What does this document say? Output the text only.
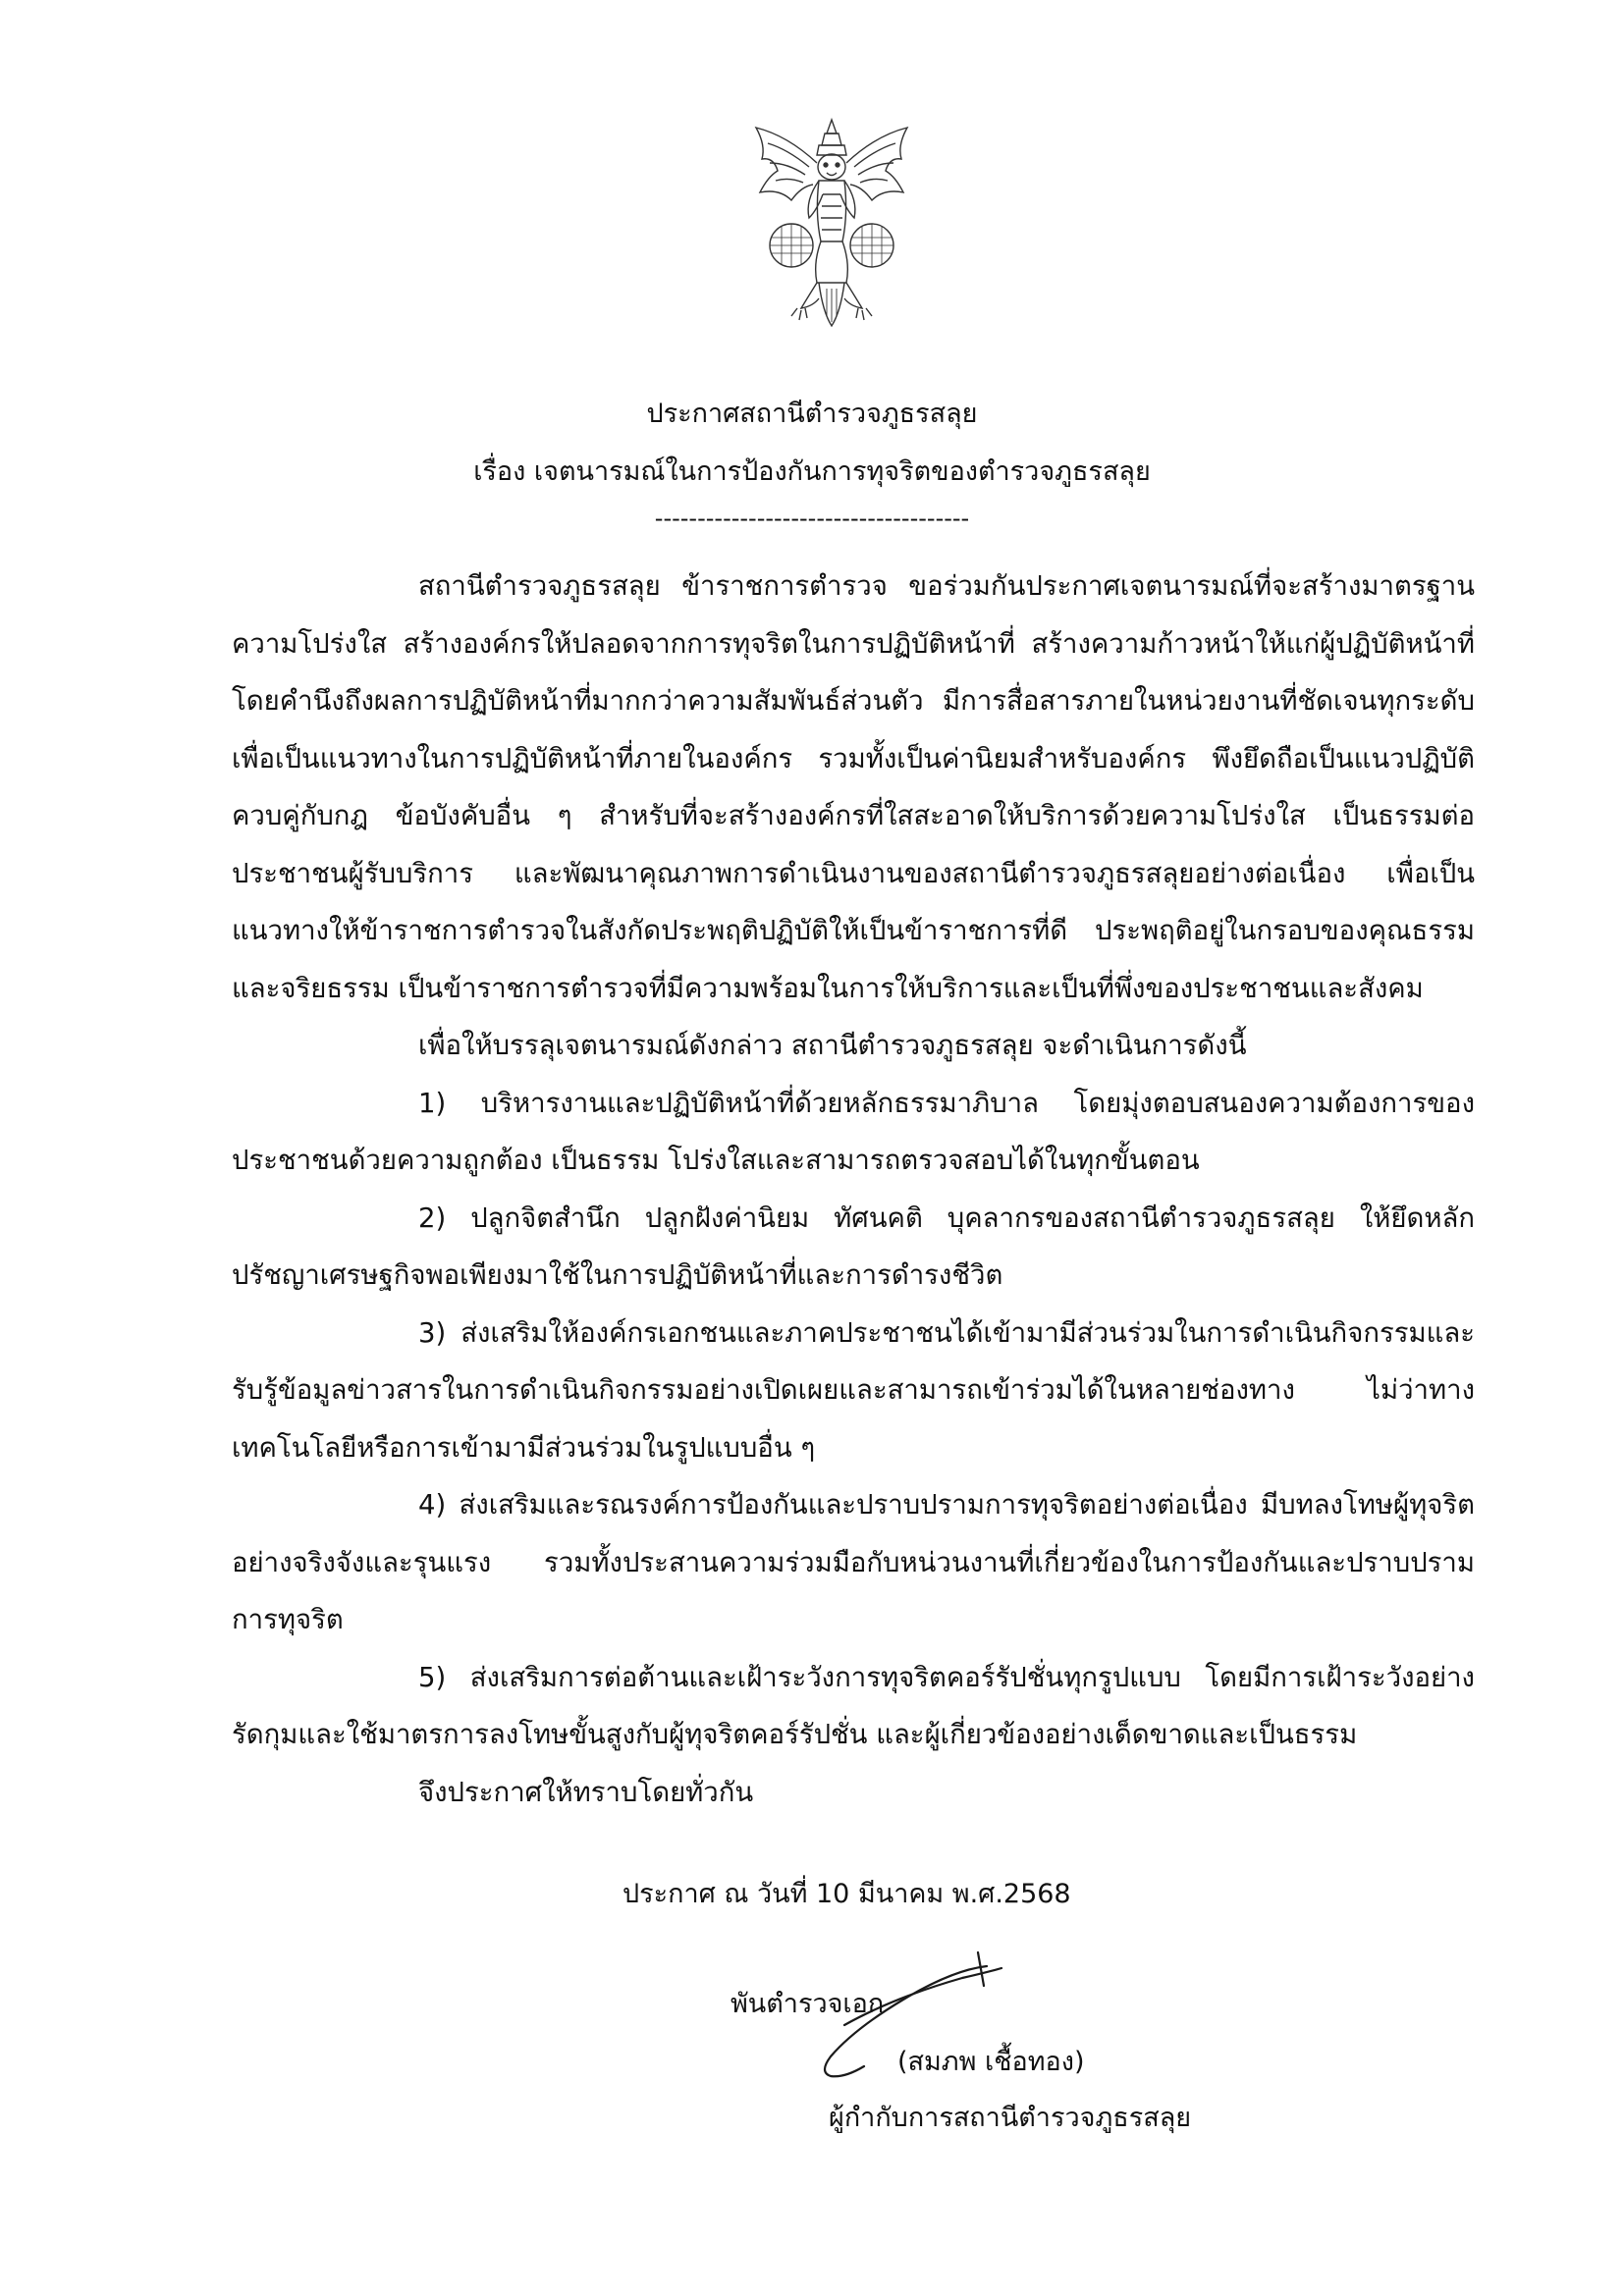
ประกาศสถานีตำรวจภูธรสลุย
เรื่อง เจตนารมณ์ในการป้องกันการทุจริตของตำรวจภูธรสลุย
-------------------------------------

สถานีตำรวจภูธรสลุย ข้าราชการตำรวจ ขอร่วมกันประกาศเจตนารมณ์ที่จะสร้างมาตรฐานความโปร่งใส สร้างองค์กรให้ปลอดจากการทุจริตในการปฏิบัติหน้าที่ สร้างความก้าวหน้าให้แก่ผู้ปฏิบัติหน้าที่โดยคำนึงถึงผลการปฏิบัติหน้าที่มากกว่าความสัมพันธ์ส่วนตัว มีการสื่อสารภายในหน่วยงานที่ชัดเจนทุกระดับ เพื่อเป็นแนวทางในการปฏิบัติหน้าที่ภายในองค์กร รวมทั้งเป็นค่านิยมสำหรับองค์กร พึงยึดถือเป็นแนวปฏิบัติควบคู่กับกฎ ข้อบังคับอื่น ๆ สำหรับที่จะสร้างองค์กรที่ใสสะอาดให้บริการด้วยความโปร่งใส เป็นธรรมต่อประชาชนผู้รับบริการ และพัฒนาคุณภาพการดำเนินงานของสถานีตำรวจภูธรสลุยอย่างต่อเนื่อง เพื่อเป็นแนวทางให้ข้าราชการตำรวจในสังกัดประพฤติปฏิบัติให้เป็นข้าราชการที่ดี ประพฤติอยู่ในกรอบของคุณธรรมและจริยธรรม เป็นข้าราชการตำรวจที่มีความพร้อมในการให้บริการและเป็นที่พึ่งของประชาชนและสังคม

เพื่อให้บรรลุเจตนารมณ์ดังกล่าว สถานีตำรวจภูธรสลุย จะดำเนินการดังนี้

1) บริหารงานและปฏิบัติหน้าที่ด้วยหลักธรรมาภิบาล โดยมุ่งตอบสนองความต้องการของประชาชนด้วยความถูกต้อง เป็นธรรม โปร่งใสและสามารถตรวจสอบได้ในทุกขั้นตอน

2) ปลูกจิตสำนึก ปลูกฝังค่านิยม ทัศนคติ บุคลากรของสถานีตำรวจภูธรสลุย ให้ยึดหลักปรัชญาเศรษฐกิจพอเพียงมาใช้ในการปฏิบัติหน้าที่และการดำรงชีวิต

3) ส่งเสริมให้องค์กรเอกชนและภาคประชาชนได้เข้ามามีส่วนร่วมในการดำเนินกิจกรรมและรับรู้ข้อมูลข่าวสารในการดำเนินกิจกรรมอย่างเปิดเผยและสามารถเข้าร่วมได้ในหลายช่องทาง ไม่ว่าทางเทคโนโลยีหรือการเข้ามามีส่วนร่วมในรูปแบบอื่น ๆ

4) ส่งเสริมและรณรงค์การป้องกันและปราบปรามการทุจริตอย่างต่อเนื่อง มีบทลงโทษผู้ทุจริตอย่างจริงจังและรุนแรง รวมทั้งประสานความร่วมมือกับหน่วนงานที่เกี่ยวข้องในการป้องกันและปราบปรามการทุจริต

5) ส่งเสริมการต่อต้านและเฝ้าระวังการทุจริตคอร์รัปชั่นทุกรูปแบบ โดยมีการเฝ้าระวังอย่างรัดกุมและใช้มาตรการลงโทษขั้นสูงกับผู้ทุจริตคอร์รัปชั่น และผู้เกี่ยวข้องอย่างเด็ดขาดและเป็นธรรม

จึงประกาศให้ทราบโดยทั่วกัน
ประกาศ ณ วันที่ 10 มีนาคม พ.ศ.2568
พันตำรวจเอก
(สมภพ เชื้อทอง)
ผู้กำกับการสถานีตำรวจภูธรสลุย
